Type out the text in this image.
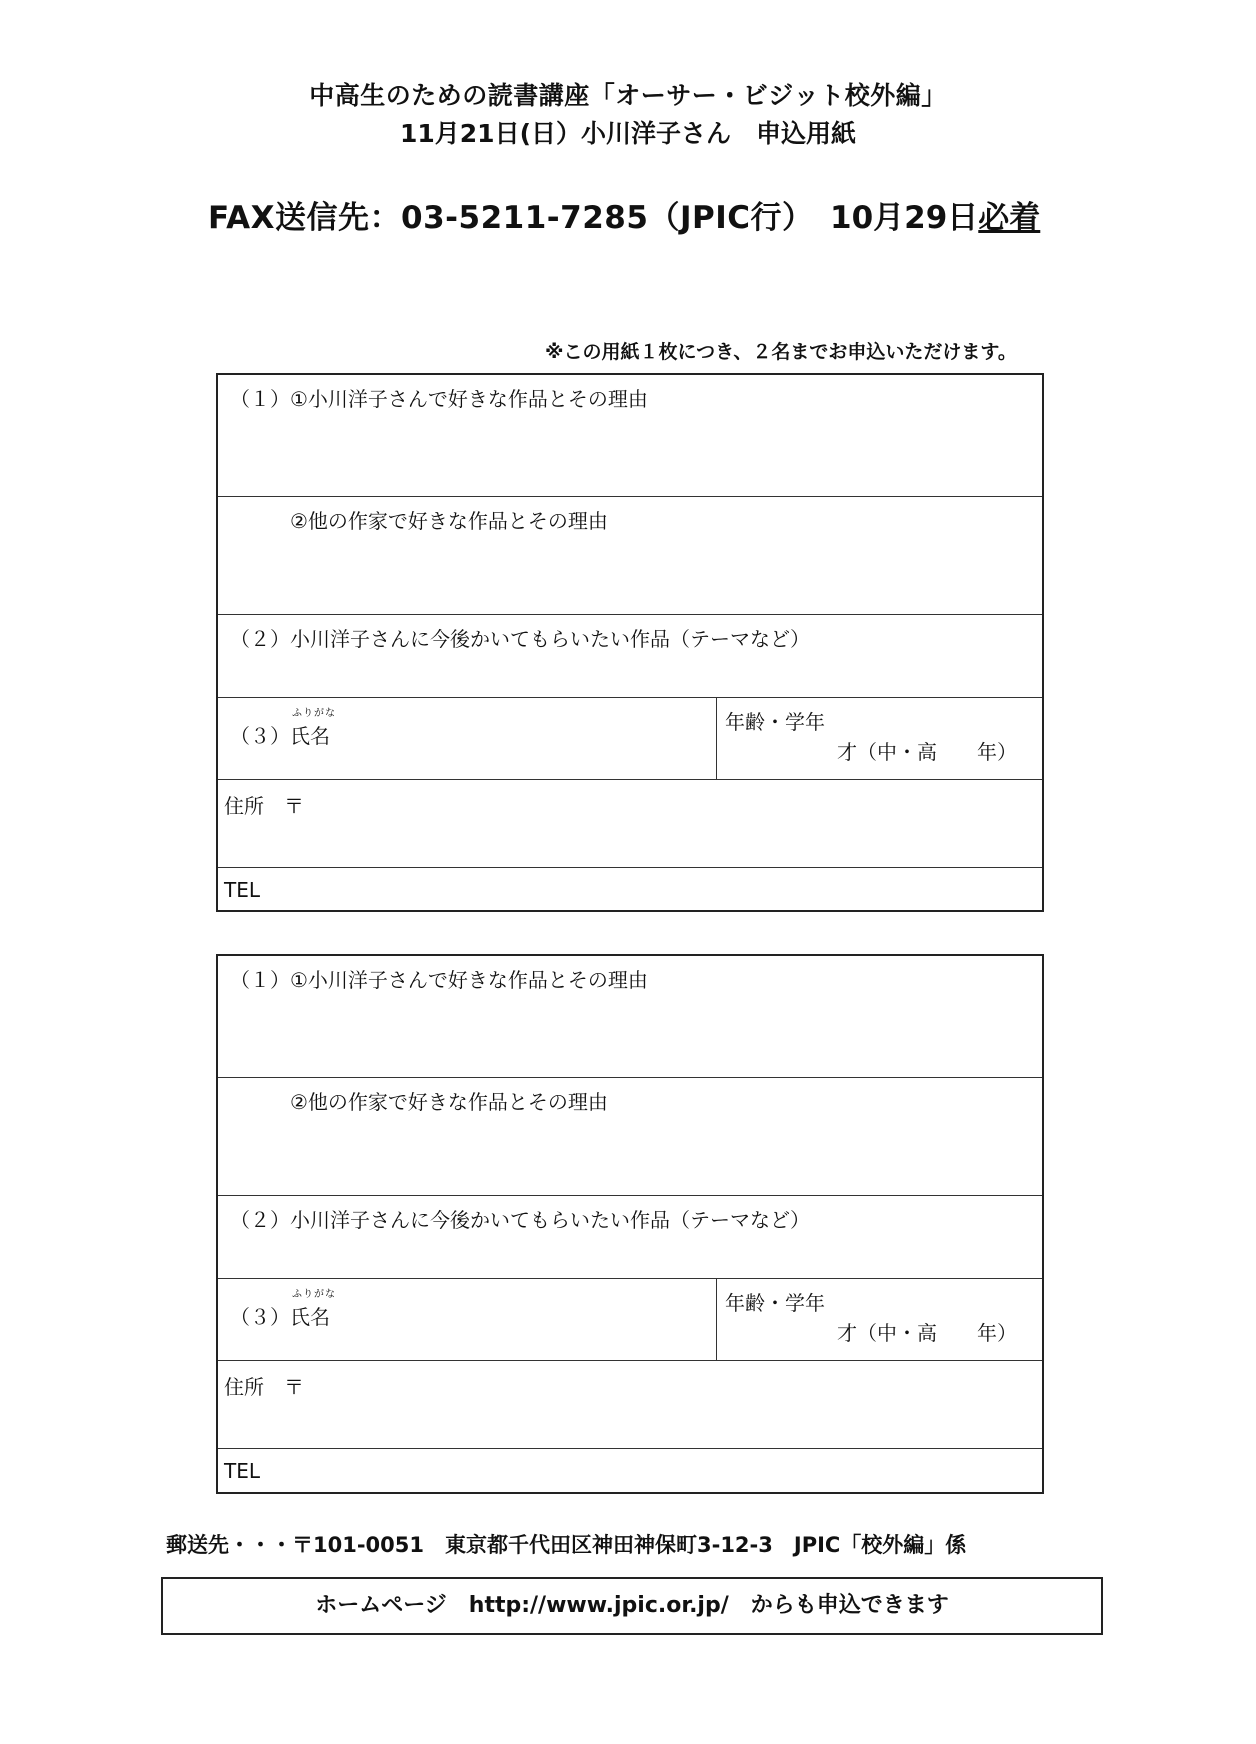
中高生のための読書講座「オーサー・ビジット校外編」
11月21日(日）小川洋子さん　申込用紙
FAX送信先：03-5211-7285（JPIC行） 10月29日必着
※この用紙１枚につき、２名までお申込いただけます。
（１）①小川洋子さんで好きな作品とその理由
②他の作家で好きな作品とその理由
（２）小川洋子さんに今後かいてもらいたい作品（テーマなど）
ふりがな
（３）氏名
年齢・学年
才（中・高　　年）
住所　〒
TEL
（１）①小川洋子さんで好きな作品とその理由
②他の作家で好きな作品とその理由
（２）小川洋子さんに今後かいてもらいたい作品（テーマなど）
ふりがな
（３）氏名
年齢・学年
才（中・高　　年）
住所　〒
TEL
郵送先・・・〒101-0051　東京都千代田区神田神保町3-12-3　JPIC「校外編」係
ホームページ　http://www.jpic.or.jp/　からも申込できます
